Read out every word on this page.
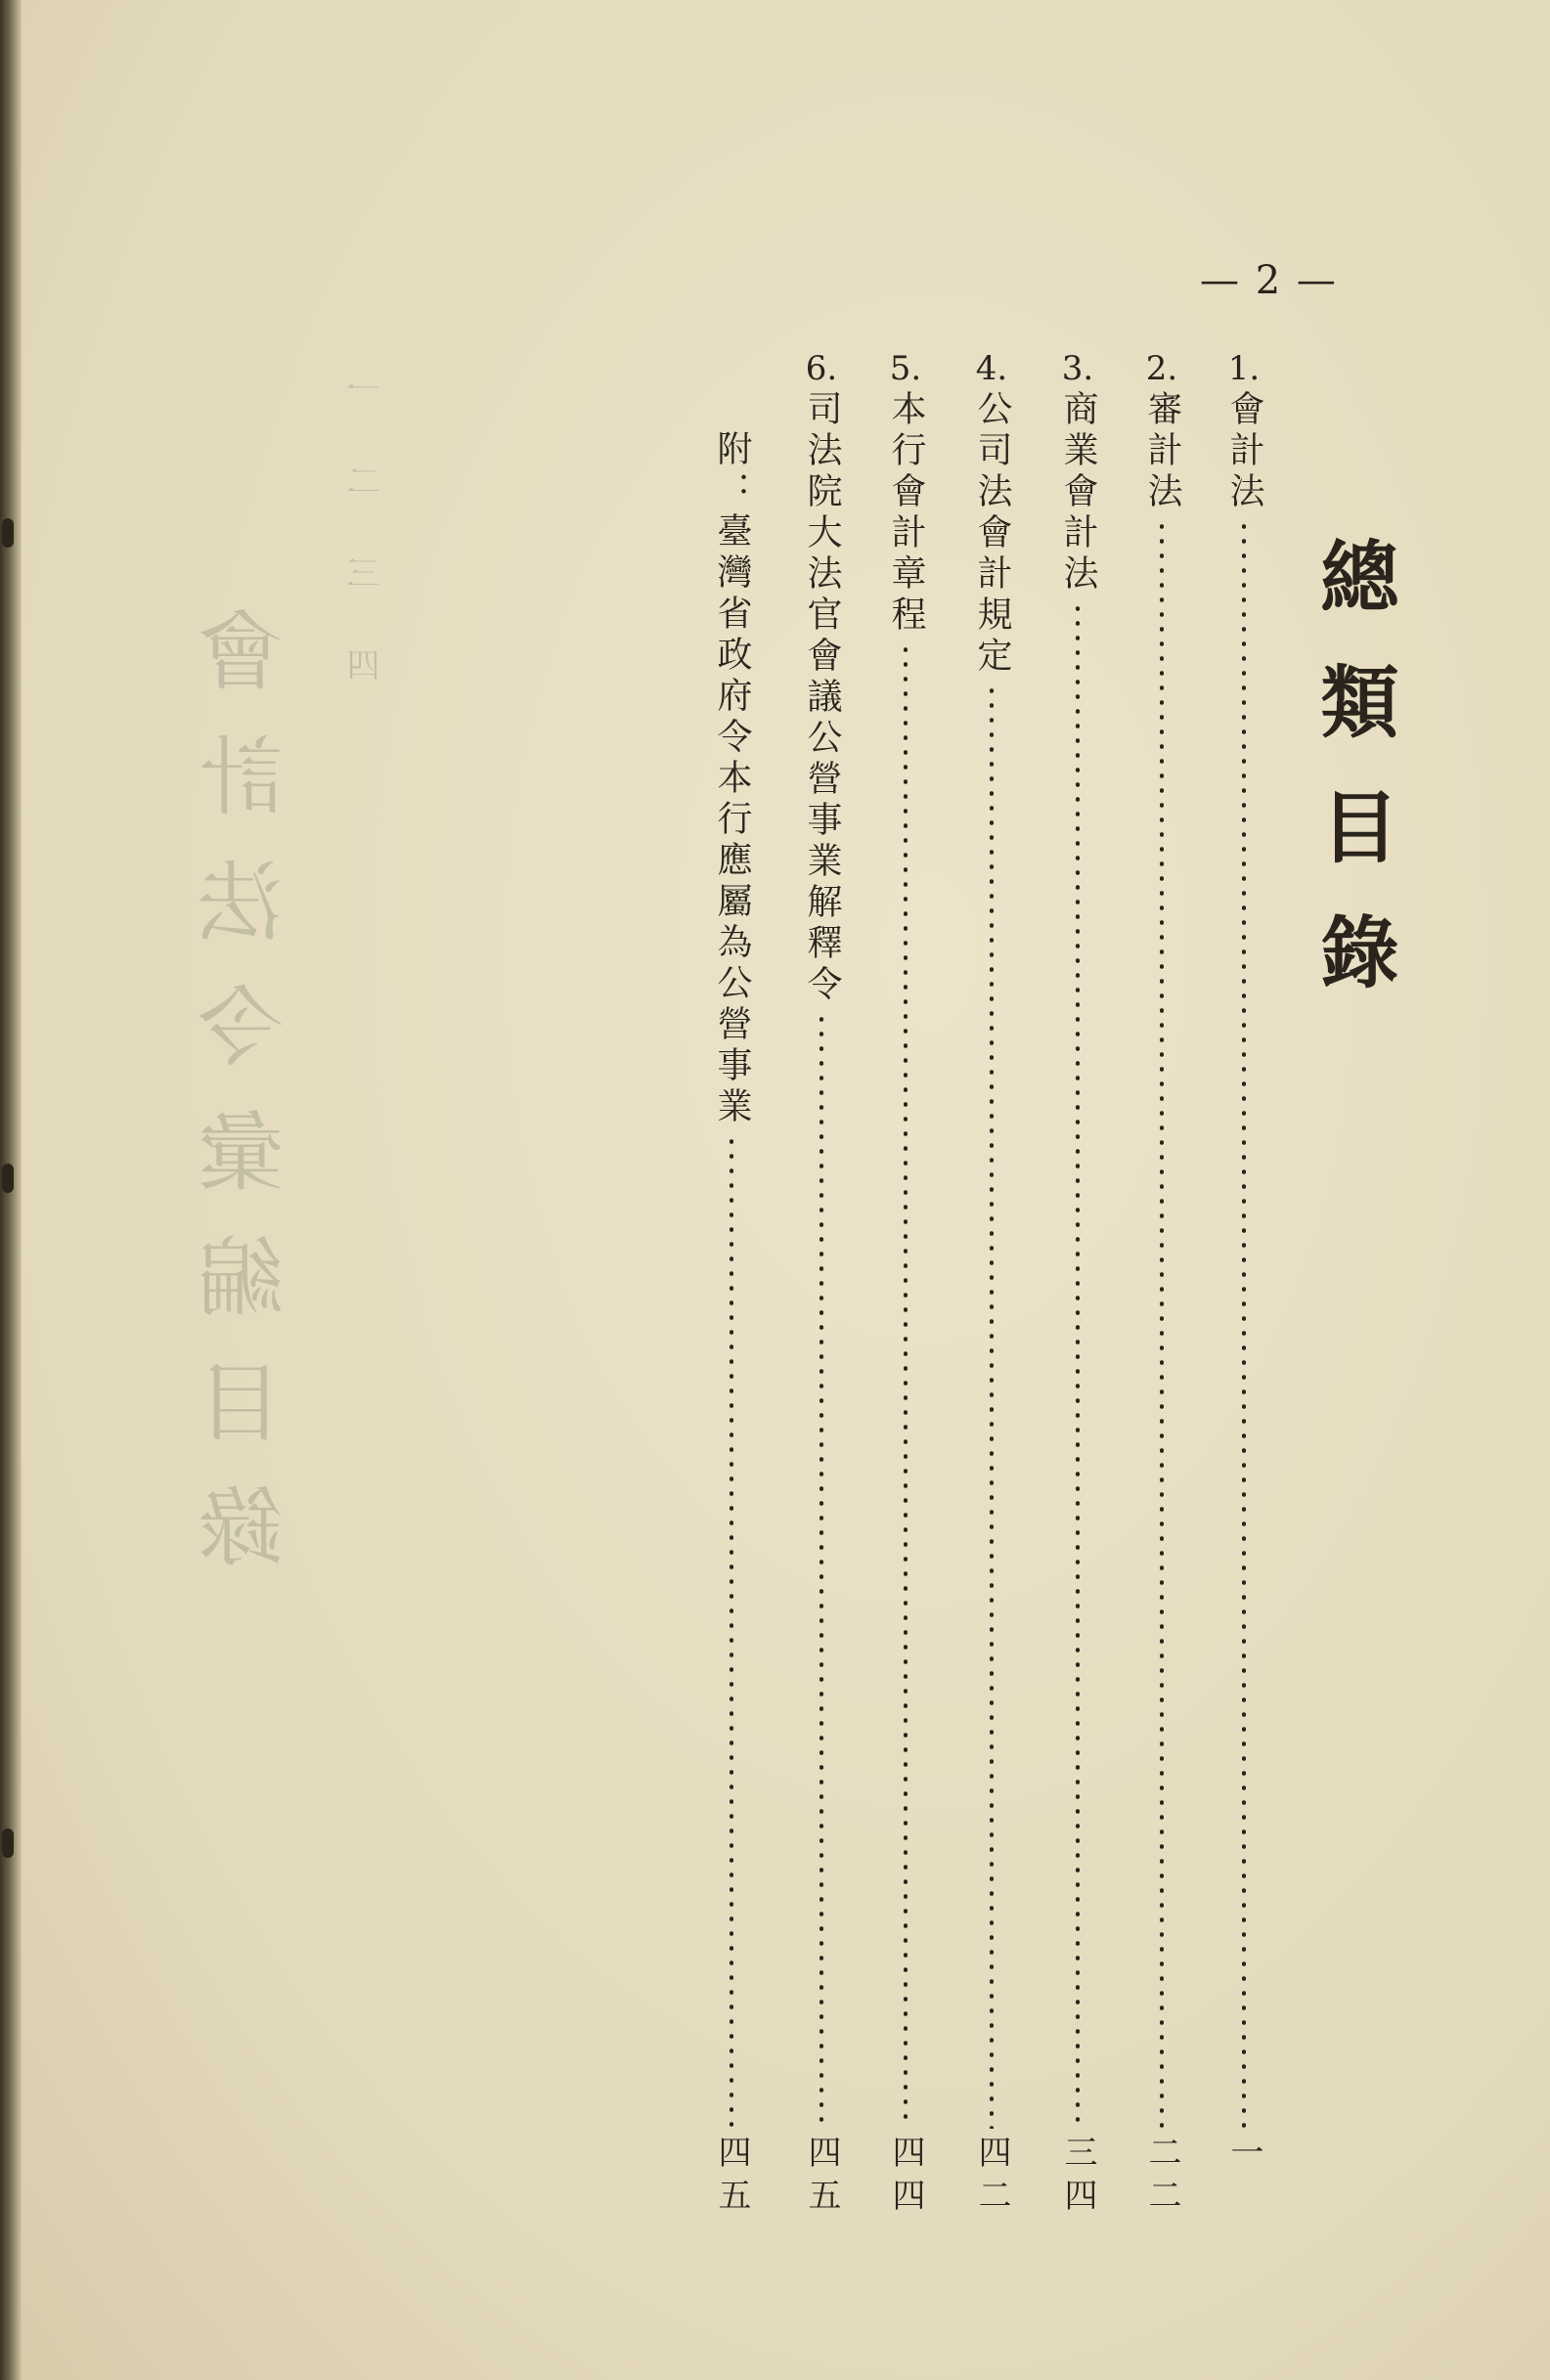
會計法令彙編目錄
一二三四
— 2 —
總類目錄
1.
會計法
一
2.
審計法
二二
3.
商業會計法
三四
4.
公司法會計規定
四二
5.
本行會計章程
四四
6.
司法院大法官會議公營事業解釋令
四五
附：臺灣省政府令本行應屬為公營事業
四五
